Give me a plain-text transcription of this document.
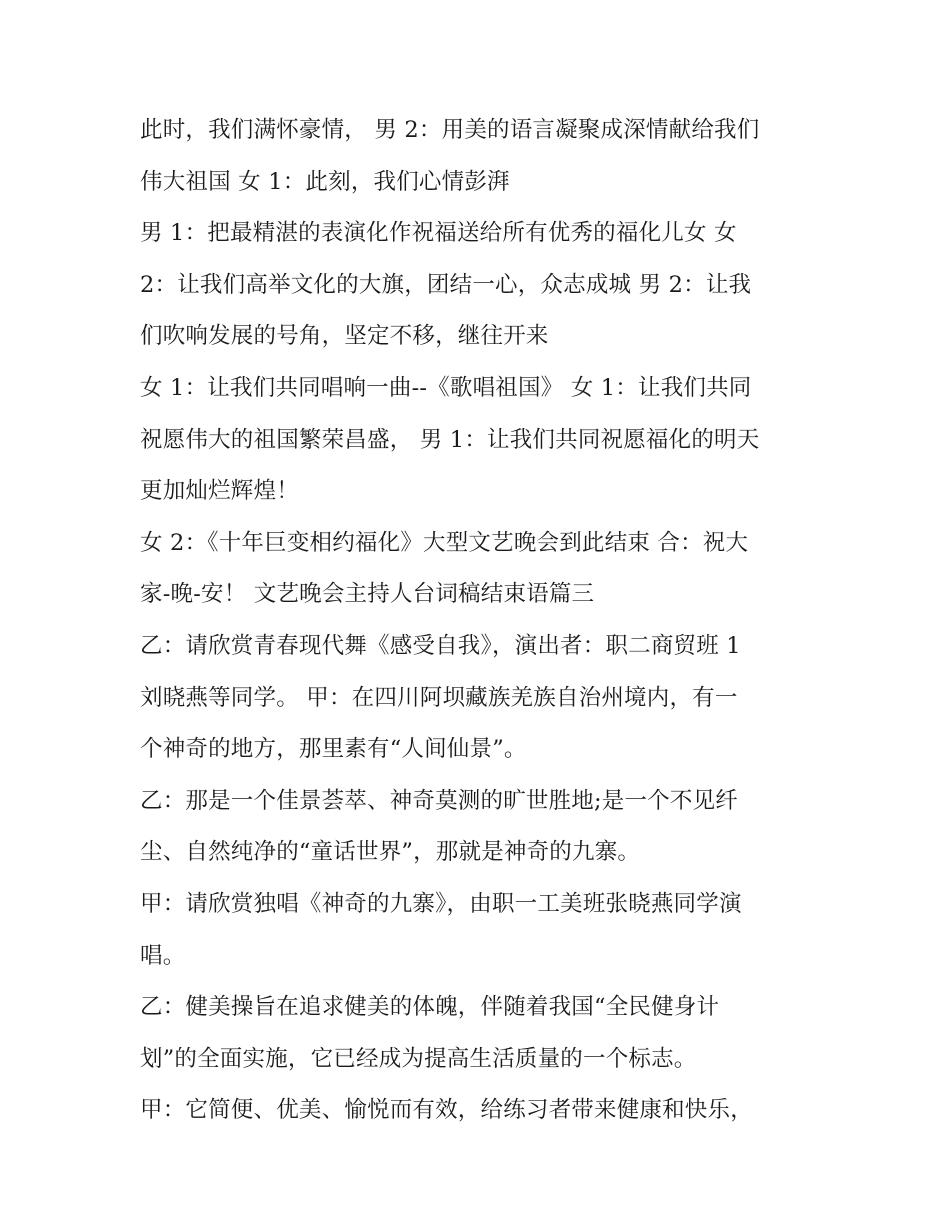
此时，我们满怀豪情， 男 2：用美的语言凝聚成深情献给我们
伟大祖国 女 1：此刻，我们心情彭湃
男 1：把最精湛的表演化作祝福送给所有优秀的福化儿女 女
2：让我们高举文化的大旗，团结一心，众志成城 男 2：让我
们吹响发展的号角，坚定不移，继往开来
女 1：让我们共同唱响一曲--《歌唱祖国》 女 1：让我们共同
祝愿伟大的祖国繁荣昌盛， 男 1：让我们共同祝愿福化的明天
更加灿烂辉煌！
女 2：《十年巨变相约福化》大型文艺晚会到此结束 合：祝大
家-晚-安！ 文艺晚会主持人台词稿结束语篇三
乙：请欣赏青春现代舞《感受自我》，演出者：职二商贸班 1
刘晓燕等同学。 甲：在四川阿坝藏族羌族自治州境内，有一
个神奇的地方，那里素有“人间仙景”。
乙：那是一个佳景荟萃、神奇莫测的旷世胜地;是一个不见纤
尘、自然纯净的“童话世界”，那就是神奇的九寨。
甲：请欣赏独唱《神奇的九寨》，由职一工美班张晓燕同学演
唱。
乙：健美操旨在追求健美的体魄，伴随着我国“全民健身计
划”的全面实施，它已经成为提高生活质量的一个标志。
甲：它简便、优美、愉悦而有效，给练习者带来健康和快乐，
